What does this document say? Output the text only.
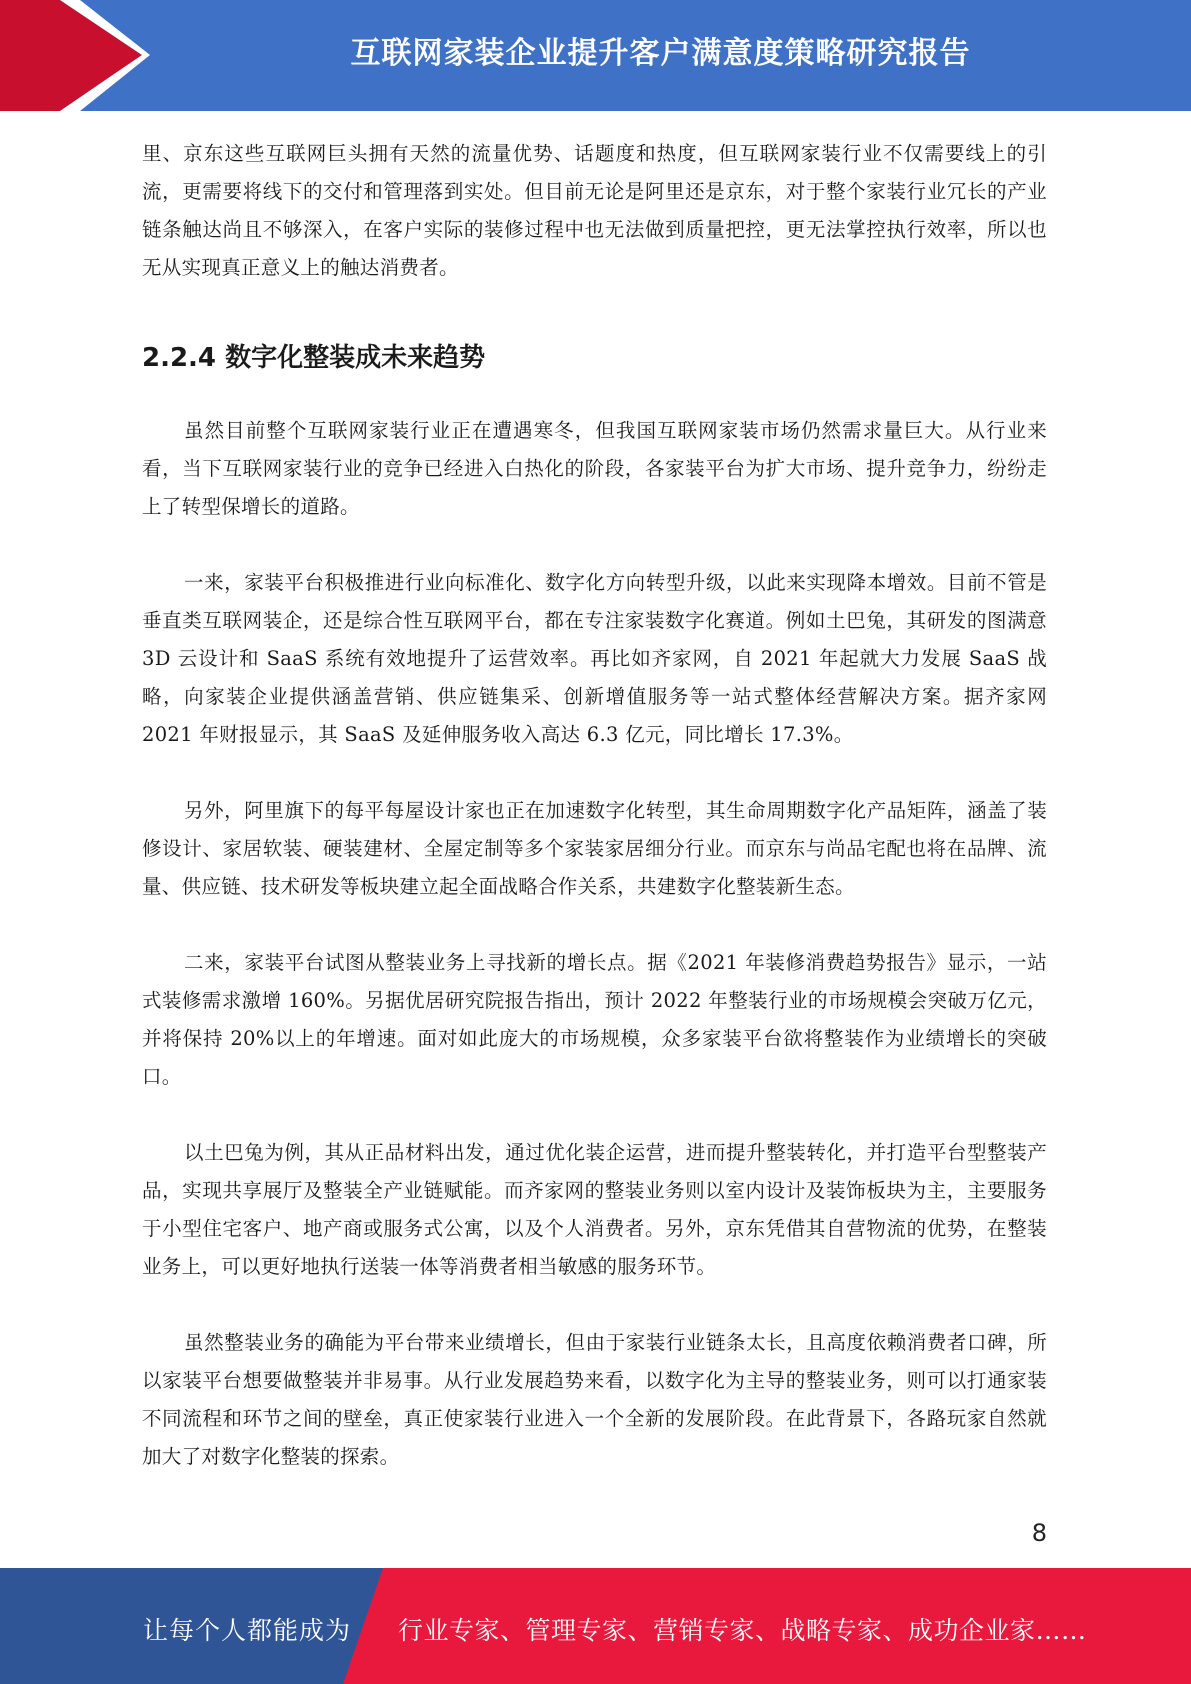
互联网家装企业提升客户满意度策略研究报告

里、京东这些互联网巨头拥有天然的流量优势、话题度和热度，但互联网家装行业不仅需要线上的引流，更需要将线下的交付和管理落到实处。但目前无论是阿里还是京东，对于整个家装行业冗长的产业链条触达尚且不够深入，在客户实际的装修过程中也无法做到质量把控，更无法掌控执行效率，所以也无从实现真正意义上的触达消费者。

2.2.4 数字化整装成未来趋势

虽然目前整个互联网家装行业正在遭遇寒冬，但我国互联网家装市场仍然需求量巨大。从行业来看，当下互联网家装行业的竞争已经进入白热化的阶段，各家装平台为扩大市场、提升竞争力，纷纷走上了转型保增长的道路。

一来，家装平台积极推进行业向标准化、数字化方向转型升级，以此来实现降本增效。目前不管是垂直类互联网装企，还是综合性互联网平台，都在专注家装数字化赛道。例如土巴兔，其研发的图满意 3D 云设计和 SaaS 系统有效地提升了运营效率。再比如齐家网，自 2021 年起就大力发展 SaaS 战略，向家装企业提供涵盖营销、供应链集采、创新增值服务等一站式整体经营解决方案。据齐家网 2021 年财报显示，其 SaaS 及延伸服务收入高达 6.3 亿元，同比增长 17.3%。

另外，阿里旗下的每平每屋设计家也正在加速数字化转型，其生命周期数字化产品矩阵，涵盖了装修设计、家居软装、硬装建材、全屋定制等多个家装家居细分行业。而京东与尚品宅配也将在品牌、流量、供应链、技术研发等板块建立起全面战略合作关系，共建数字化整装新生态。

二来，家装平台试图从整装业务上寻找新的增长点。据《2021 年装修消费趋势报告》显示，一站式装修需求激增 160%。另据优居研究院报告指出，预计 2022 年整装行业的市场规模会突破万亿元，并将保持 20%以上的年增速。面对如此庞大的市场规模，众多家装平台欲将整装作为业绩增长的突破口。

以土巴兔为例，其从正品材料出发，通过优化装企运营，进而提升整装转化，并打造平台型整装产品，实现共享展厅及整装全产业链赋能。而齐家网的整装业务则以室内设计及装饰板块为主，主要服务于小型住宅客户、地产商或服务式公寓，以及个人消费者。另外，京东凭借其自营物流的优势，在整装业务上，可以更好地执行送装一体等消费者相当敏感的服务环节。

虽然整装业务的确能为平台带来业绩增长，但由于家装行业链条太长，且高度依赖消费者口碑，所以家装平台想要做整装并非易事。从行业发展趋势来看，以数字化为主导的整装业务，则可以打通家装不同流程和环节之间的壁垒，真正使家装行业进入一个全新的发展阶段。在此背景下，各路玩家自然就加大了对数字化整装的探索。

8
让每个人都能成为 行业专家、管理专家、营销专家、战略专家、成功企业家……
